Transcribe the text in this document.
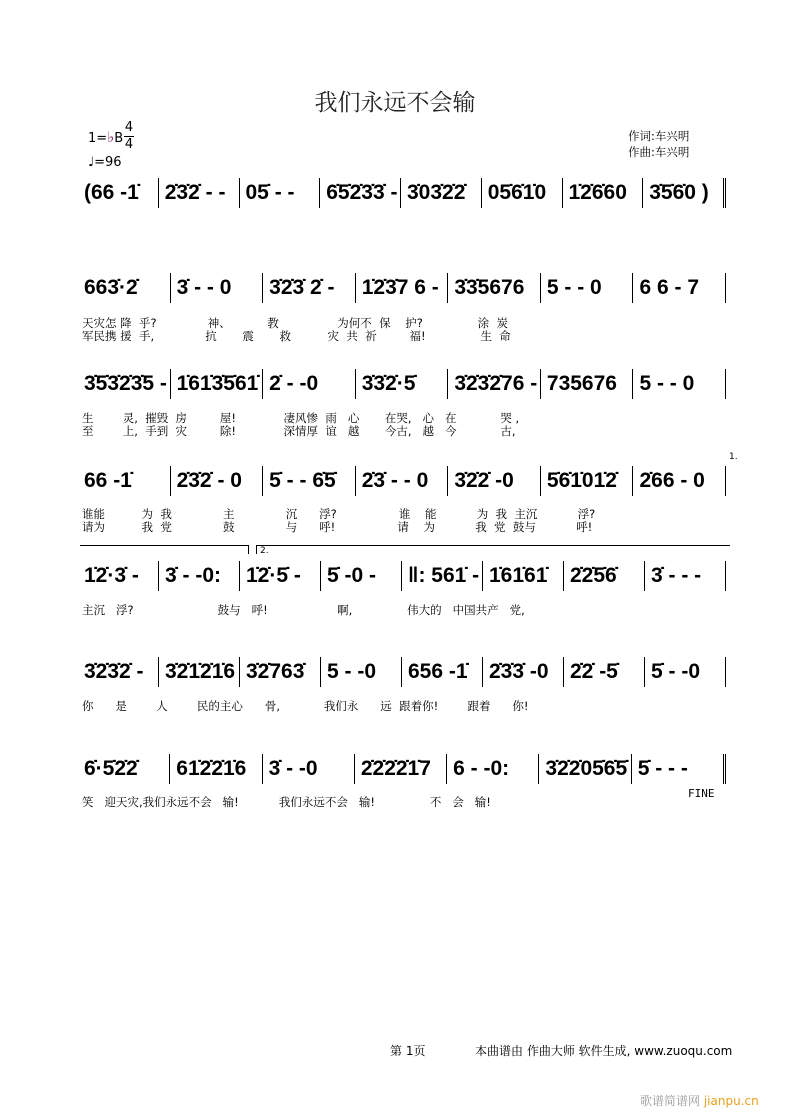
我们永远不会输
1=♭B
4
4
♩=96
作词:车兴明
作曲:车兴明
(66 -1̇	2̇3̇2̇ - - 05̇ - -	6̇5̇2̇3̇3̇ - 3̇03̇2̇2̇	05̇6̇1̇0	1̇2̇6̇60	3̇5̇6̇0 )
663̇·2̇	3̇ - - 0	3̇2̇3̇ 2̇ -	1̇2̇3̇7 6 - 3̇3̇5676	5 - - 0	6 6 - 7
天灾怎 降  乎?              神、          教                为何不  保    护?               涂  炭
军民携 援  手,              抗       震       救          灾  共  祈         福!               生  命
3̇5̇3̇2̇3̇5 - 1̇61̇3̇5̇61̇ 2̇ - -0	3̇3̇2̇·5̇	3̇2̇3̇2̇76 - 735676	5 - - 0
生        灵,  摧毁  房         屋!             凄风惨  雨   心       在哭,   心   在            哭 ,
至        上,  手到  灾         除!             深情厚  谊   越       今古,   越   今            古,
66 -1̇	2̇3̇2̇ - 0	5̇ - - 6̇5̇	2̇3̇ - - 0	3̇2̇2̇ -0	5̇6̇1̇01̇2̇	2̇66 - 0
谁能          为  我              主              沉      浮?                 谁    能           为  我  主沉           浮?
请为          我  党              鼓              与      呼!                 请    为           我  党  鼓与           呼!
1̇2̇·3̇ -	3̇ - -0:	1̇2̇·5̇ -	5̇ -0 -	‖: 561̇ - 1̇61̇61̇	2̇2̇5̇6̇	3̇ - - -
主沉   浮?                       鼓与   呼!                   啊,               伟大的   中国共产   党,
3̇2̇3̇2̇ -	3̇2̇1̇2̇1̇6 3̇2̇763̇	5 - -0	656 -1̇	2̇3̇3̇ -0	2̇2̇ -5̇	5̇ - -0
你      是        人        民的主心      骨,            我们永      远  跟着你!        跟着      你!
6̇·5̇2̇2̇	61̇2̇2̇1̇6	3̇ - -0	2̇2̇2̇2̇1̇7	6 - -0:	3̇2̇2̇05̇6̇5̇ 5̇ - - -
笑   迎天灾,我们永远不会   输!           我们永远不会   输!               不   会   输!
1.
2.
FINE
第 1页	本曲谱由 作曲大师 软件生成, www.zuoqu.com
歌谱简谱网 jianpu.cn
